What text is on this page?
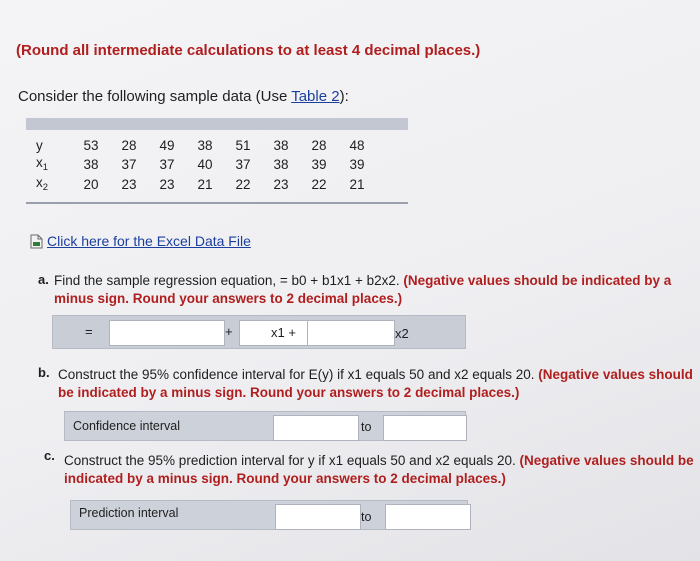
(Round all intermediate calculations to at least 4 decimal places.)
Consider the following sample data (Use Table 2):
y	53	28	49	38	51	38	28	48
$x_1$	38	37	37	40	37	38	39	39
$x_2$	20	23	23	21	22	23	22	21
Click here for the Excel Data File
a. Find the sample regression equation, = b0 + b1x1 + b2x2. (Negative values should be indicated by a minus sign. Round your answers to 2 decimal places.)
=	+	x1 +	x2
b. Construct the 95% confidence interval for E(y) if x1 equals 50 and x2 equals 20. (Negative values should be indicated by a minus sign. Round your answers to 2 decimal places.)
Confidence interval	to
c. Construct the 95% prediction interval for y if x1 equals 50 and x2 equals 20. (Negative values should be indicated by a minus sign. Round your answers to 2 decimal places.)
Prediction interval	to
